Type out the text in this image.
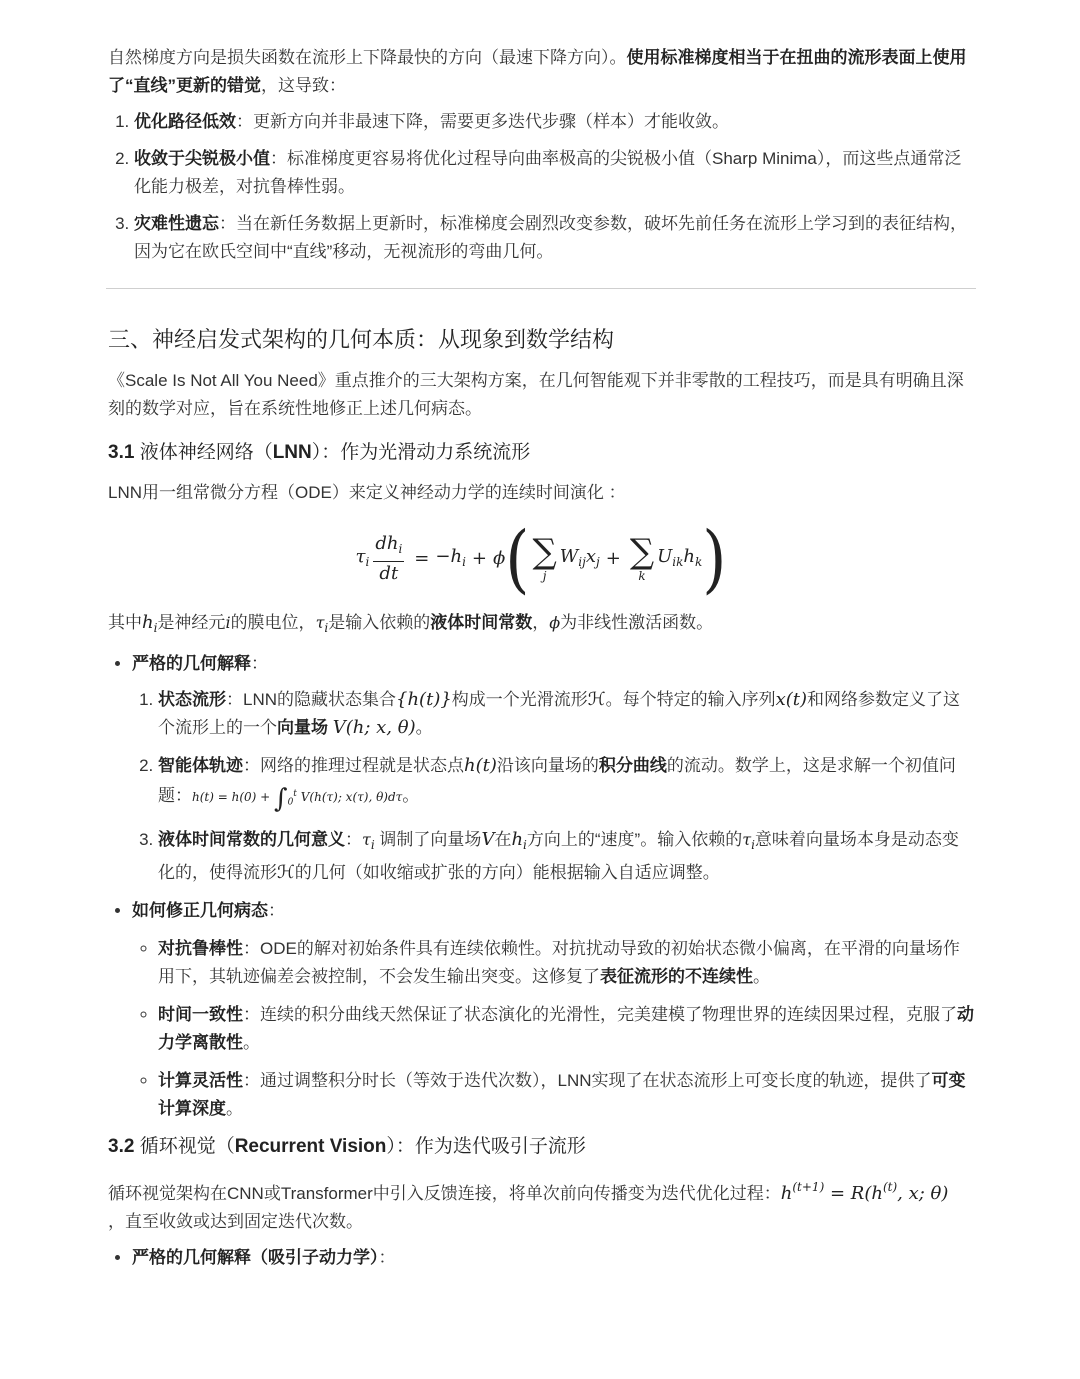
自然梯度方向是损失函数在流形上下降最快的方向（最速下降方向）。使用标准梯度相当于在扭曲的流形表面上使用了“直线”更新的错觉，这导致：

1. 优化路径低效：更新方向并非最速下降，需要更多迭代步骤（样本）才能收敛。
2. 收敛于尖锐极小值：标准梯度更容易将优化过程导向曲率极高的尖锐极小值（Sharp Minima），而这些点通常泛化能力极差，对抗鲁棒性弱。
3. 灾难性遗忘：当在新任务数据上更新时，标准梯度会剧烈改变参数，破坏先前任务在流形上学习到的表征结构，因为它在欧氏空间中“直线”移动，无视流形的弯曲几何。
三、神经启发式架构的几何本质：从现象到数学结构

《Scale Is Not All You Need》重点推介的三大架构方案，在几何智能观下并非零散的工程技巧，而是具有明确且深刻的数学对应，旨在系统性地修正上述几何病态。

3.1 液体神经网络（LNN）：作为光滑动力系统流形

LNN用一组常微分方程（ODE）来定义神经动力学的连续时间演化 ：

$\tau_i \frac{dh_i}{dt} = -h_i + \phi$ ( ∑
j
$W_{ij}x_j$ + ∑
k
$U_{ik}h_k$ )

其中$h_i$是神经元i的膜电位，$\tau_i$是输入依赖的液体时间常数，ϕ为非线性激活函数。

• 严格的几何解释：
1. 状态流形：LNN的隐藏状态集合{h(t)}构成一个光滑流形ℋ。每个特定的输入序列x(t)和网络参数定义了这个流形上的一个向量场 V(h; x, θ)。
2. 智能体轨迹：网络的推理过程就是状态点h(t)沿该向量场的积分曲线的流动。数学上，这是求解一个初值问题：$h(t) = h(0) + \int_0^t$ V(h(τ); x(τ), θ)dτ。
3. 液体时间常数的几何意义：$\tau_i$ 调制了向量场V在$h_i$方向上的“速度”。输入依赖的$\tau_i$意味着向量场本身是动态变化的，使得流形ℋ的几何（如收缩或扩张的方向）能根据输入自适应调整。
• 如何修正几何病态：
◦ 对抗鲁棒性：ODE的解对初始条件具有连续依赖性。对抗扰动导致的初始状态微小偏离，在平滑的向量场作用下，其轨迹偏差会被控制，不会发生输出突变。这修复了表征流形的不连续性。
◦ 时间一致性：连续的积分曲线天然保证了状态演化的光滑性，完美建模了物理世界的连续因果过程，克服了动力学离散性。
◦ 计算灵活性：通过调整积分时长（等效于迭代次数），LNN实现了在状态流形上可变长度的轨迹，提供了可变计算深度。
3.2 循环视觉（Recurrent Vision）：作为迭代吸引子流形

循环视觉架构在CNN或Transformer中引入反馈连接，将单次前向传播变为迭代优化过程：$h^{(t+1)} = R(h^{(t)}$, x; θ)
，直至收敛或达到固定迭代次数。

• 严格的几何解释（吸引子动力学）：
